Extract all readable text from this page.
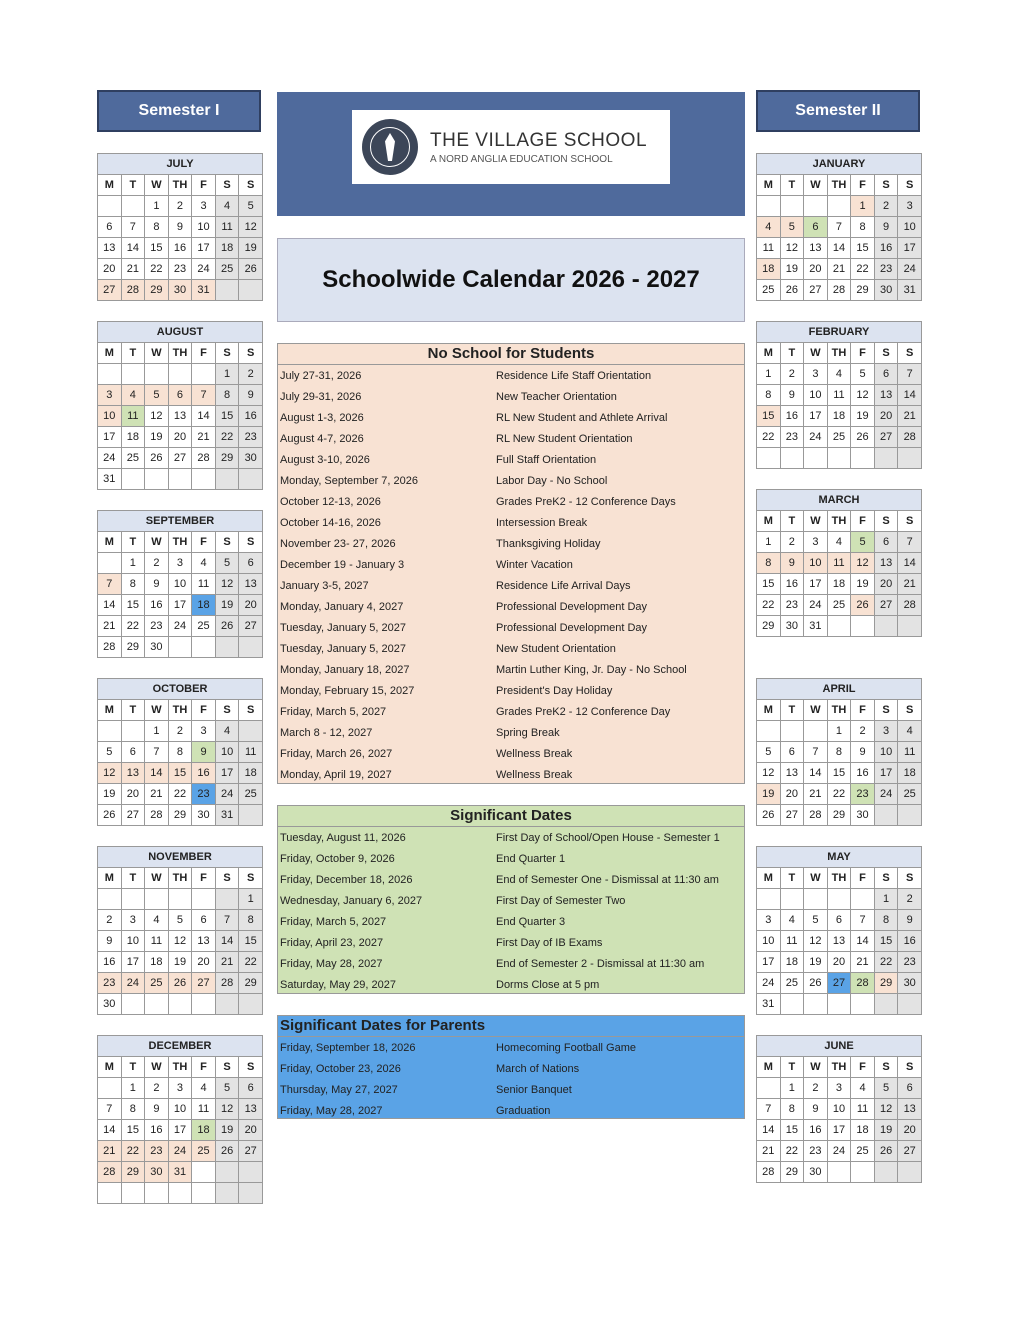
Semester I	Semester II
THE VILLAGE SCHOOL
A NORD ANGLIA EDUCATION SCHOOL
Schoolwide Calendar 2026 - 2027
JULY						
M	T	W	TH	F	S	S
		1	2	3	4	5
6	7	8	9	10	11	12
13	14	15	16	17	18	19
20	21	22	23	24	25	26
27	28	29	30	31		
AUGUST						
M	T	W	TH	F	S	S
					1	2
3	4	5	6	7	8	9
10	11	12	13	14	15	16
17	18	19	20	21	22	23
24	25	26	27	28	29	30
31						
SEPTEMBER						
M	T	W	TH	F	S	S
	1	2	3	4	5	6
7	8	9	10	11	12	13
14	15	16	17	18	19	20
21	22	23	24	25	26	27
28	29	30				
OCTOBER						
M	T	W	TH	F	S	S
		1	2	3	4	
5	6	7	8	9	10	11
12	13	14	15	16	17	18
19	20	21	22	23	24	25
26	27	28	29	30	31	
NOVEMBER						
M	T	W	TH	F	S	S
						1
2	3	4	5	6	7	8
9	10	11	12	13	14	15
16	17	18	19	20	21	22
23	24	25	26	27	28	29
30						
DECEMBER						
M	T	W	TH	F	S	S
	1	2	3	4	5	6
7	8	9	10	11	12	13
14	15	16	17	18	19	20
21	22	23	24	25	26	27
28	29	30	31			

JANUARY						
M	T	W	TH	F	S	S
				1	2	3
4	5	6	7	8	9	10
11	12	13	14	15	16	17
18	19	20	21	22	23	24
25	26	27	28	29	30	31
FEBRUARY						
M	T	W	TH	F	S	S
1	2	3	4	5	6	7
8	9	10	11	12	13	14
15	16	17	18	19	20	21
22	23	24	25	26	27	28

MARCH						
M	T	W	TH	F	S	S
1	2	3	4	5	6	7
8	9	10	11	12	13	14
15	16	17	18	19	20	21
22	23	24	25	26	27	28
29	30	31				
APRIL						
M	T	W	TH	F	S	S
			1	2	3	4
5	6	7	8	9	10	11
12	13	14	15	16	17	18
19	20	21	22	23	24	25
26	27	28	29	30		
MAY						
M	T	W	TH	F	S	S
					1	2
3	4	5	6	7	8	9
10	11	12	13	14	15	16
17	18	19	20	21	22	23
24	25	26	27	28	29	30
31						
JUNE						
M	T	W	TH	F	S	S
	1	2	3	4	5	6
7	8	9	10	11	12	13
14	15	16	17	18	19	20
21	22	23	24	25	26	27
28	29	30				
No School for Students
July 27-31, 2026	Residence Life Staff Orientation
July 29-31, 2026	New Teacher Orientation
August 1-3, 2026	RL New Student and Athlete Arrival
August 4-7, 2026	RL New Student Orientation
August 3-10, 2026	Full Staff Orientation
Monday, September 7, 2026	Labor Day - No School
October 12-13, 2026	Grades PreK2 - 12 Conference Days
October 14-16, 2026	Intersession Break
November 23- 27, 2026	Thanksgiving Holiday
December 19 - January 3	Winter Vacation
January 3-5, 2027	Residence Life Arrival Days
Monday, January 4, 2027	Professional Development Day
Tuesday, January 5, 2027	Professional Development Day
Tuesday, January 5, 2027	New Student Orientation
Monday, January 18, 2027	Martin Luther King, Jr. Day - No School
Monday, February 15, 2027	President's Day Holiday
Friday, March 5, 2027	Grades PreK2 - 12 Conference Day
March 8 - 12, 2027	Spring Break
Friday, March 26, 2027	Wellness Break
Monday, April 19, 2027	Wellness Break
Significant Dates
Tuesday, August 11, 2026	First Day of School/Open House - Semester 1
Friday, October 9, 2026	End Quarter 1
Friday, December 18, 2026	End of Semester One - Dismissal at 11:30 am
Wednesday, January 6, 2027	First Day of Semester Two
Friday, March 5, 2027	End Quarter 3
Friday, April 23, 2027	First Day of IB Exams
Friday, May 28, 2027	End of Semester 2 - Dismissal at 11:30 am
Saturday, May 29, 2027	Dorms Close at 5 pm
Significant Dates for Parents
Friday, September 18, 2026	Homecoming Football Game
Friday, October 23, 2026	March of Nations
Thursday, May 27, 2027	Senior Banquet
Friday, May 28, 2027	Graduation
